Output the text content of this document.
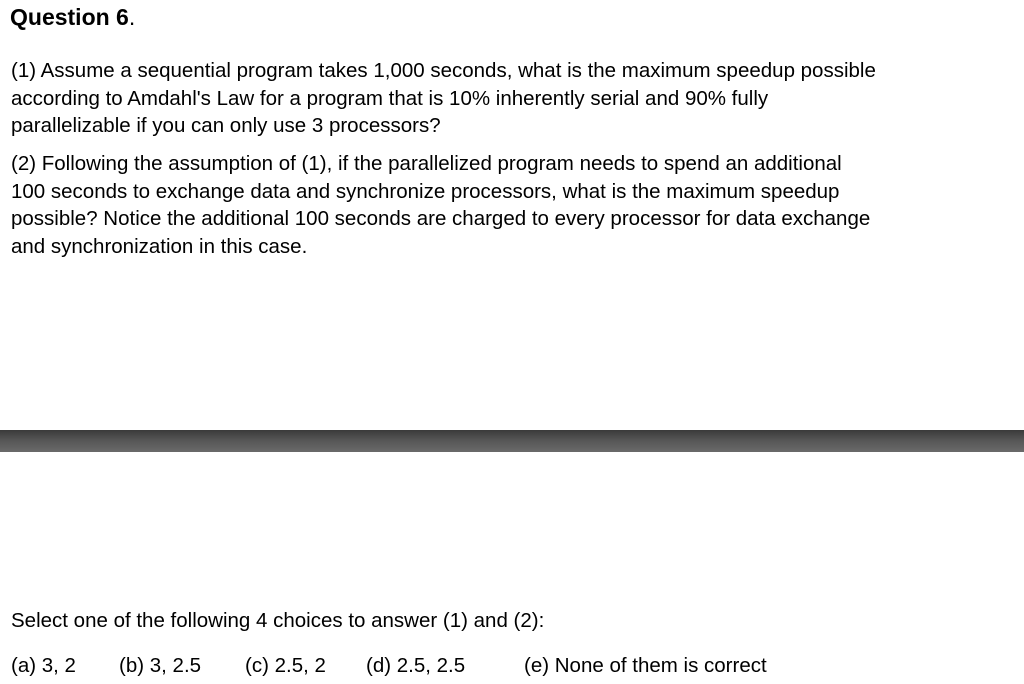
Question 6.
(1) Assume a sequential program takes 1,000 seconds, what is the maximum speedup possible
according to Amdahl's Law for a program that is 10% inherently serial and 90% fully
parallelizable if you can only use 3 processors?
(2) Following the assumption of (1), if the parallelized program needs to spend an additional
100 seconds to exchange data and synchronize processors, what is the maximum speedup
possible? Notice the additional 100 seconds are charged to every processor for data exchange
and synchronization in this case.
Select one of the following 4 choices to answer (1) and (2):
(a) 3, 2 (b) 3, 2.5 (c) 2.5, 2 (d) 2.5, 2.5	(e) None of them is correct
